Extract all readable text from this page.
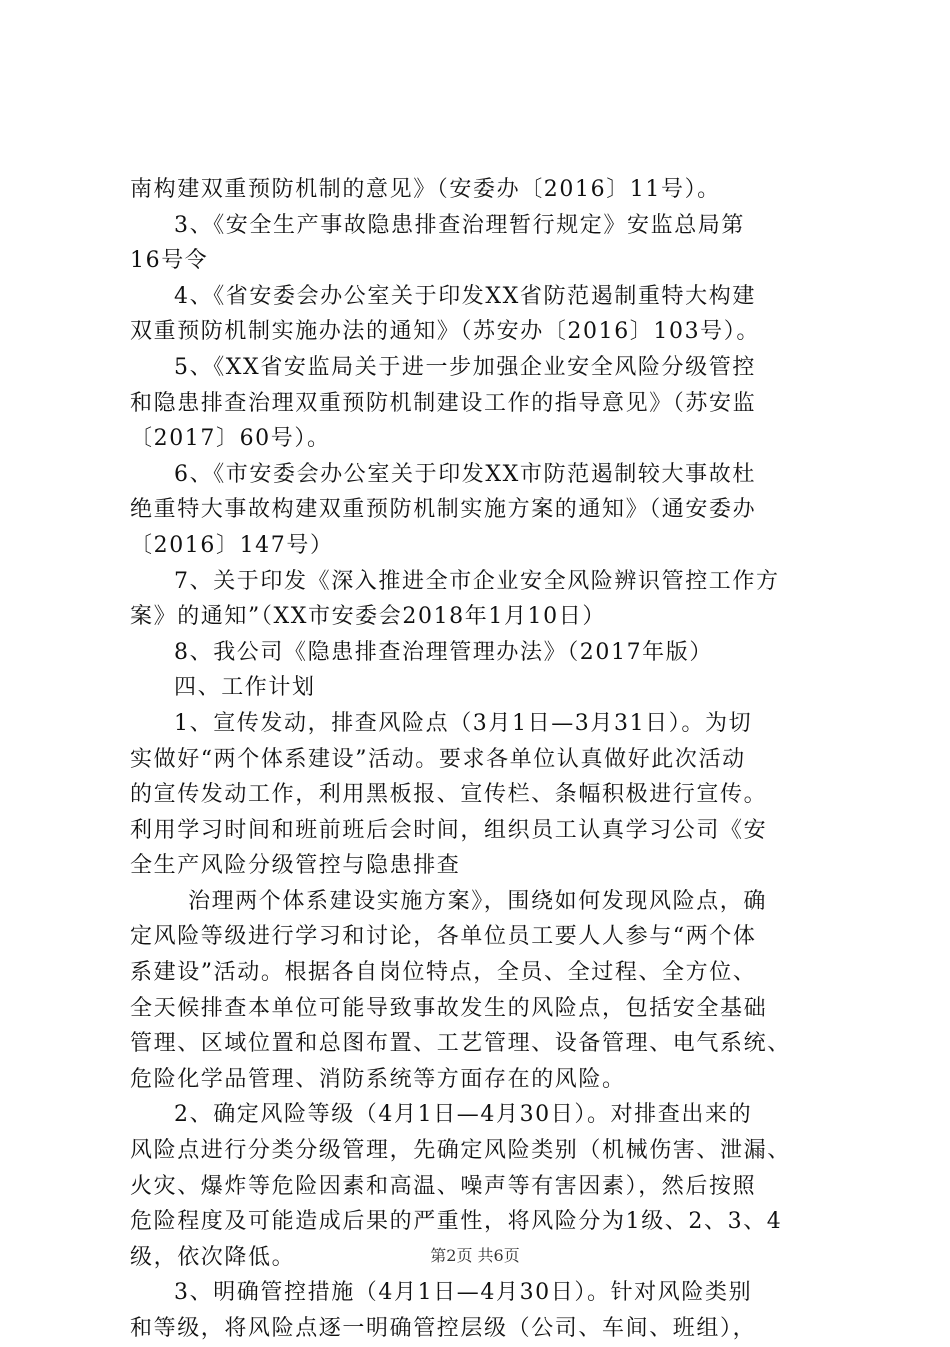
南构建双重预防机制的意见》（安委办〔2016〕11号）。
3、《安全生产事故隐患排查治理暂行规定》安监总局第
16号令
4、《省安委会办公室关于印发XX省防范遏制重特大构建
双重预防机制实施办法的通知》（苏安办〔2016〕103号）。
5、《XX省安监局关于进一步加强企业安全风险分级管控
和隐患排查治理双重预防机制建设工作的指导意见》（苏安监
〔2017〕60号）。
6、《市安委会办公室关于印发XX市防范遏制较大事故杜
绝重特大事故构建双重预防机制实施方案的通知》（通安委办
〔2016〕147号）
7、关于印发《深入推进全市企业安全风险辨识管控工作方
案》的通知”（XX市安委会2018年1月10日）
8、我公司《隐患排查治理管理办法》（2017年版）
四、工作计划
1、宣传发动，排查风险点（3月1日—3月31日）。为切
实做好“两个体系建设”活动。要求各单位认真做好此次活动
的宣传发动工作，利用黑板报、宣传栏、条幅积极进行宣传。
利用学习时间和班前班后会时间，组织员工认真学习公司《安
全生产风险分级管控与隐患排查
治理两个体系建设实施方案》，围绕如何发现风险点，确
定风险等级进行学习和讨论，各单位员工要人人参与“两个体
系建设”活动。根据各自岗位特点，全员、全过程、全方位、
全天候排查本单位可能导致事故发生的风险点，包括安全基础
管理、区域位置和总图布置、工艺管理、设备管理、电气系统、
危险化学品管理、消防系统等方面存在的风险。
2、确定风险等级（4月1日—4月30日）。对排查出来的
风险点进行分类分级管理，先确定风险类别（机械伤害、泄漏、
火灾、爆炸等危险因素和高温、噪声等有害因素），然后按照
危险程度及可能造成后果的严重性，将风险分为1级、2、3、4
级，依次降低。
3、明确管控措施（4月1日—4月30日）。针对风险类别
和等级，将风险点逐一明确管控层级（公司、车间、班组），
第2页 共6页
